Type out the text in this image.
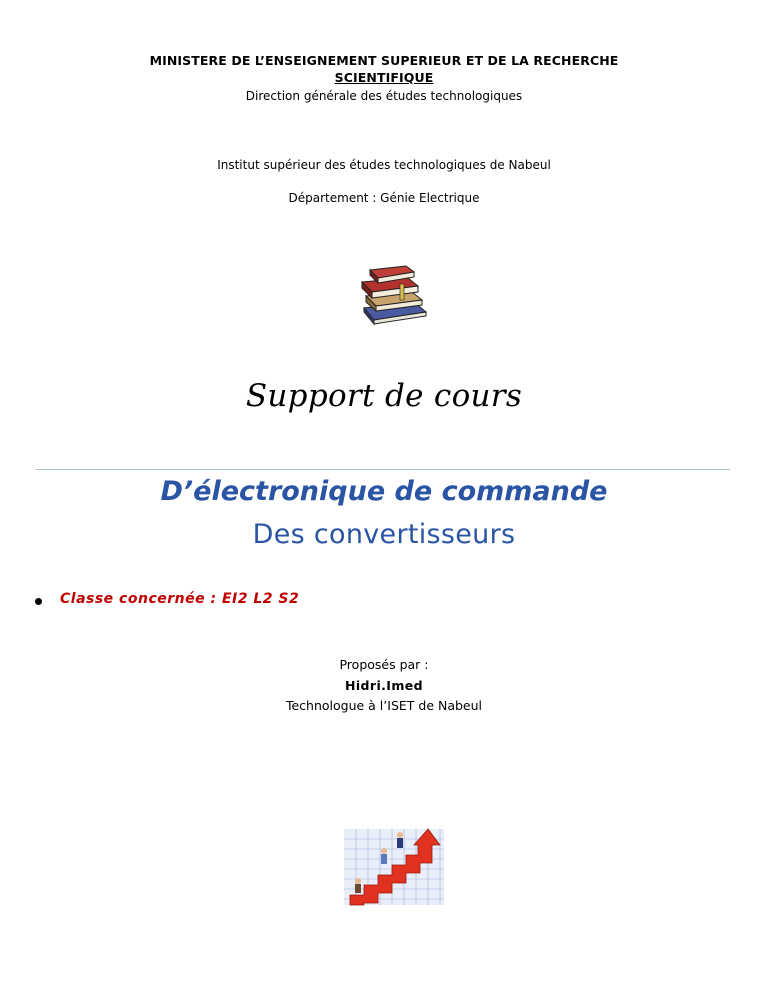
MINISTERE DE L’ENSEIGNEMENT SUPERIEUR ET DE LA RECHERCHE
SCIENTIFIQUE
Direction générale des études technologiques
Institut supérieur des études technologiques de Nabeul
Département : Génie Electrique
Support de cours
D’électronique de commande
Des convertisseurs
Classe concernée : EI2 L2 S2
Proposés par :
Hidri.Imed
Technologue à l’ISET de Nabeul
